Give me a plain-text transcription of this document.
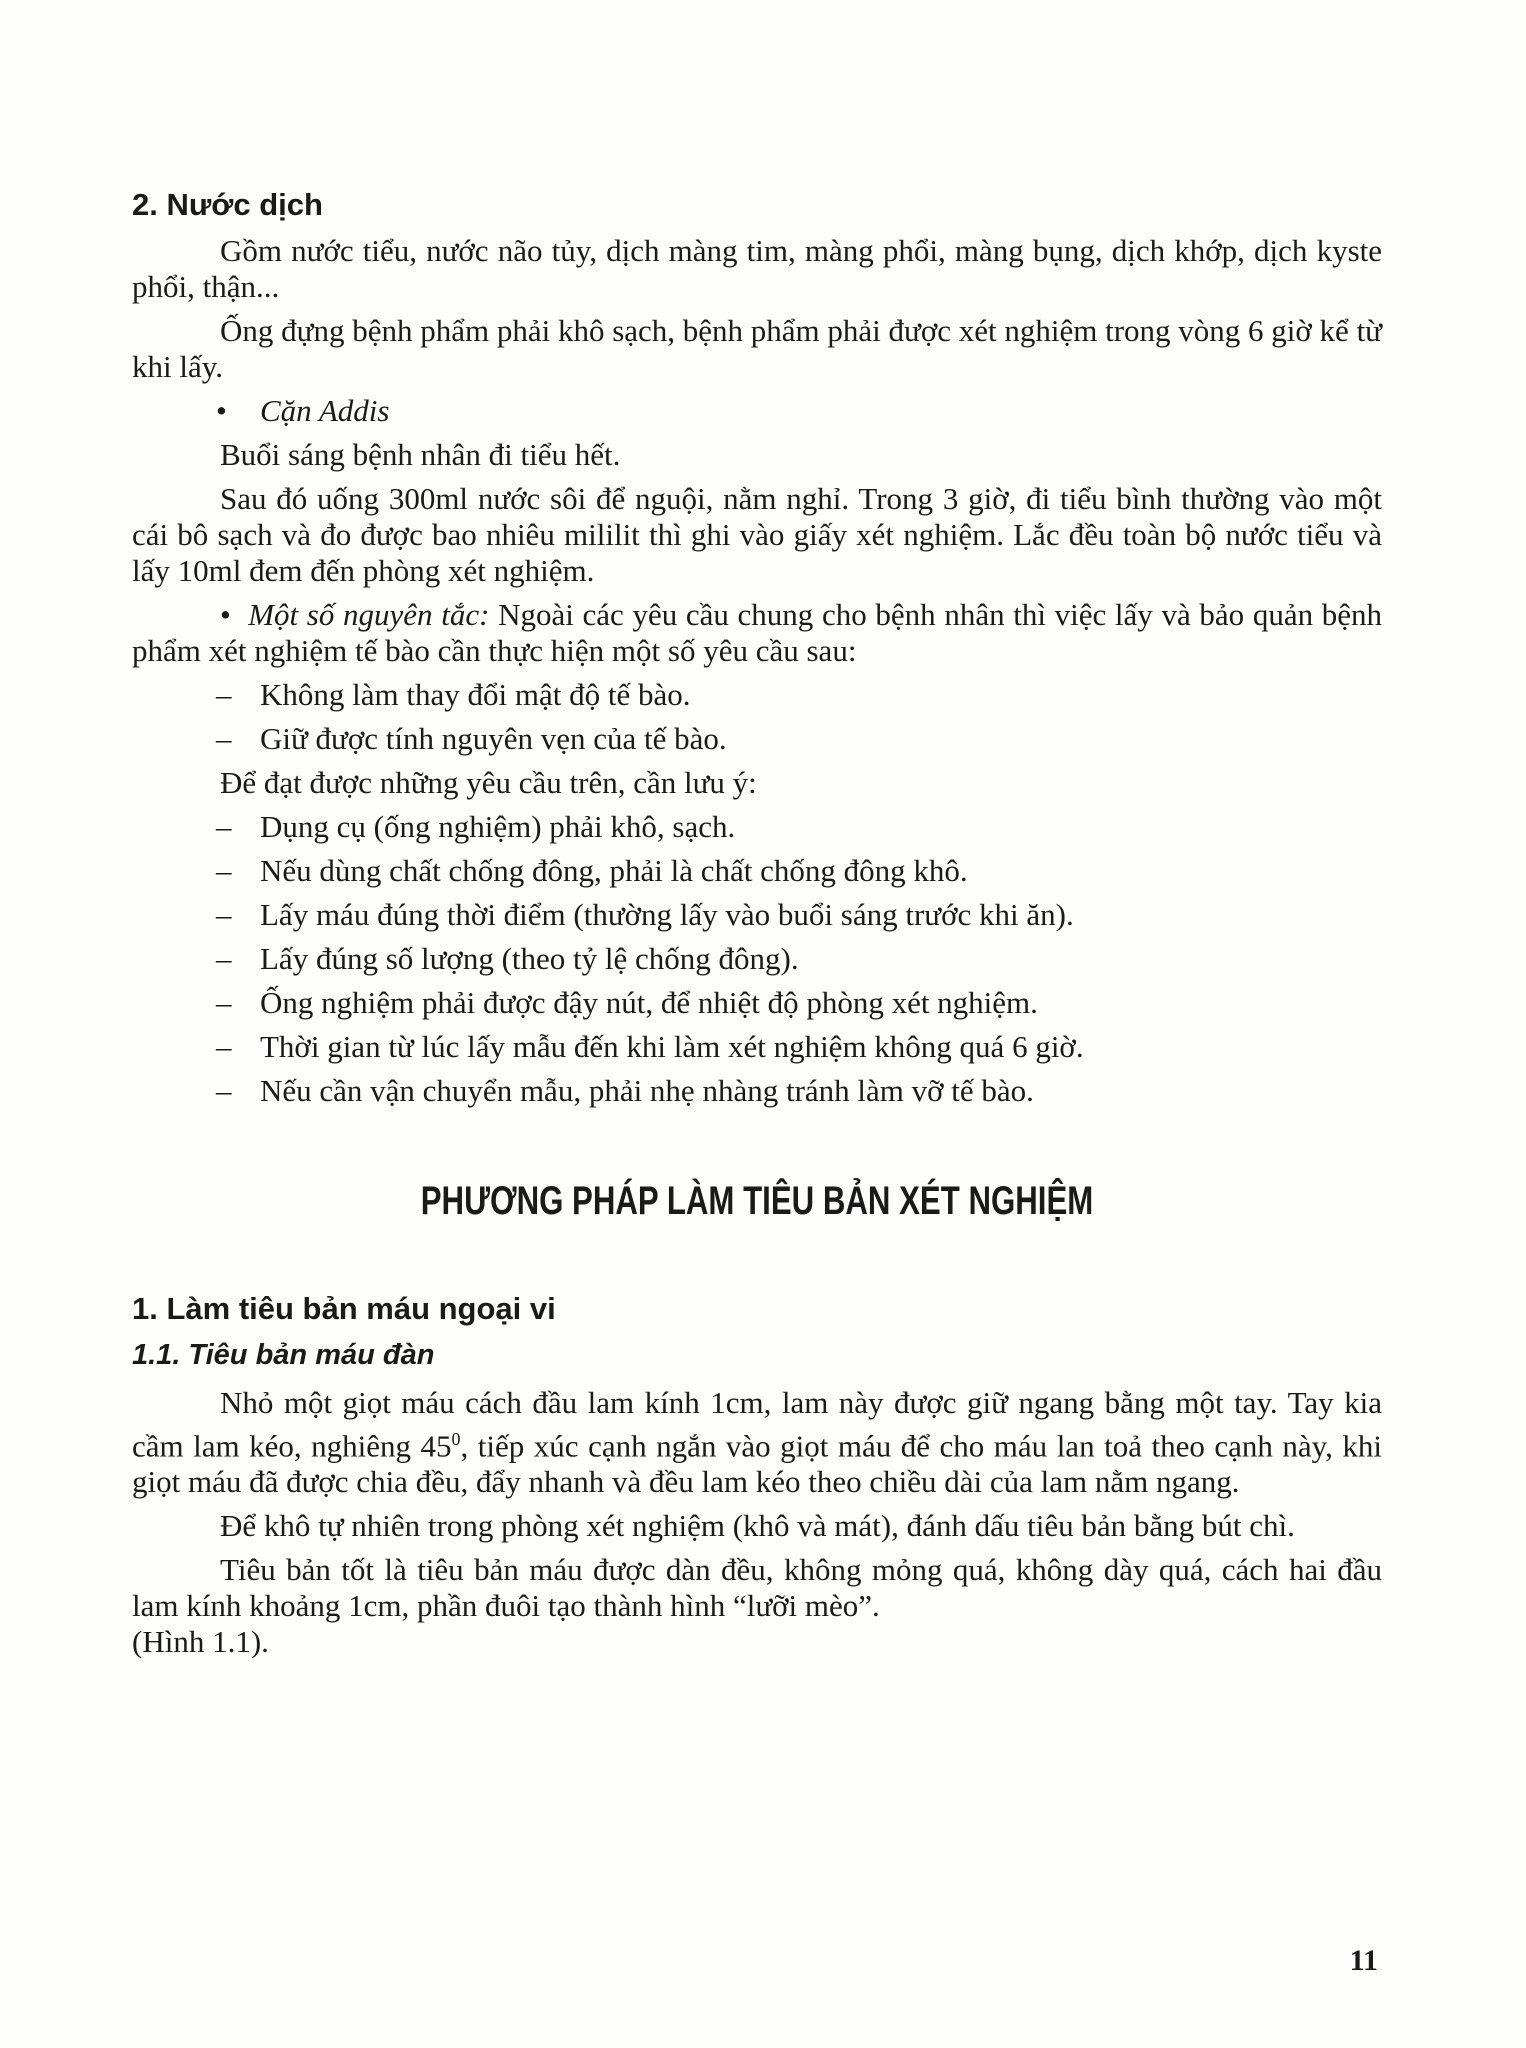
2. Nước dịch

Gồm nước tiểu, nước não tủy, dịch màng tim, màng phổi, màng bụng, dịch khớp, dịch kyste phổi, thận...

Ống đựng bệnh phẩm phải khô sạch, bệnh phẩm phải được xét nghiệm trong vòng 6 giờ kể từ khi lấy.

•	Cặn Addis

Buổi sáng bệnh nhân đi tiểu hết.

Sau đó uống 300ml nước sôi để nguội, nằm nghỉ. Trong 3 giờ, đi tiểu bình thường vào một cái bô sạch và đo được bao nhiêu mililit thì ghi vào giấy xét nghiệm. Lắc đều toàn bộ nước tiểu và lấy 10ml đem đến phòng xét nghiệm.

•  Một số nguyên tắc: Ngoài các yêu cầu chung cho bệnh nhân thì việc lấy và bảo quản bệnh phẩm xét nghiệm tế bào cần thực hiện một số yêu cầu sau:

– Không làm thay đổi mật độ tế bào.
– Giữ được tính nguyên vẹn của tế bào.

Để đạt được những yêu cầu trên, cần lưu ý:

– Dụng cụ (ống nghiệm) phải khô, sạch.
– Nếu dùng chất chống đông, phải là chất chống đông khô.
– Lấy máu đúng thời điểm (thường lấy vào buổi sáng trước khi ăn).
– Lấy đúng số lượng (theo tỷ lệ chống đông).
– Ống nghiệm phải được đậy nút, để nhiệt độ phòng xét nghiệm.
– Thời gian từ lúc lấy mẫu đến khi làm xét nghiệm không quá 6 giờ.
– Nếu cần vận chuyển mẫu, phải nhẹ nhàng tránh làm vỡ tế bào.
PHƯƠNG PHÁP LÀM TIÊU BẢN XÉT NGHIỆM
1. Làm tiêu bản máu ngoại vi
1.1. Tiêu bản máu đàn

Nhỏ một giọt máu cách đầu lam kính 1cm, lam này được giữ ngang bằng một tay. Tay kia cầm lam kéo, nghiêng $45^0$, tiếp xúc cạnh ngắn vào giọt máu để cho máu lan toả theo cạnh này, khi giọt máu đã được chia đều, đẩy nhanh và đều lam kéo theo chiều dài của lam nằm ngang.

Để khô tự nhiên trong phòng xét nghiệm (khô và mát), đánh dấu tiêu bản bằng bút chì.

Tiêu bản tốt là tiêu bản máu được dàn đều, không mỏng quá, không dày quá, cách hai đầu lam kính khoảng 1cm, phần đuôi tạo thành hình “lưỡi mèo”.

(Hình 1.1).

11
